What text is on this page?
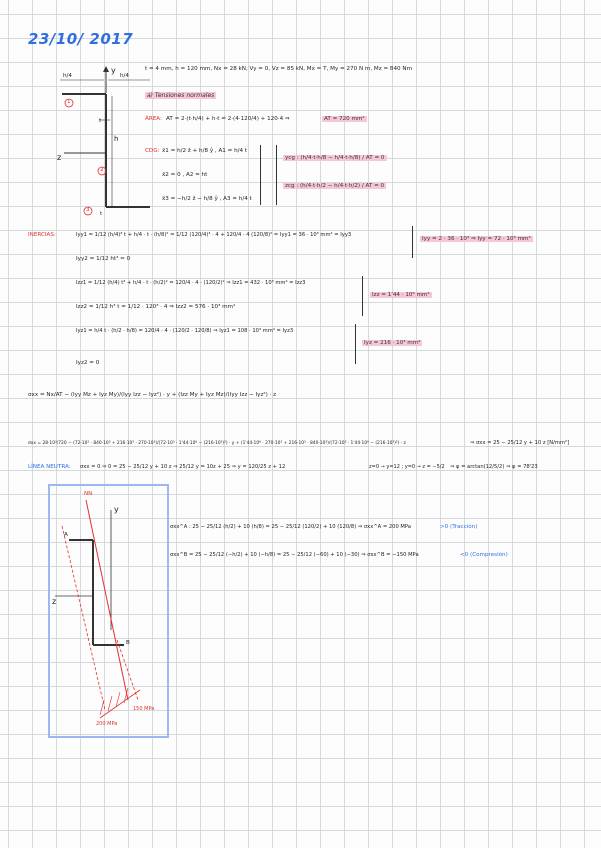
23/10/ 2017
h/4	h/4
y
z
h
t
t
1
2
3
t = 4 mm, h = 120 mm, Nx = 28 kN, Vy = 0, Vz = 85 kN, Mx = T, My = 270 N m, Mz = 840 Nm
a) Tensiones normales
ÁREA: AT = 2·(t·h/4) + h·t = 2·(4·120/4) + 120·4 ⇒	AT = 720 mm²
CDG: x̄1 = h/2 ẑ + h/8 ŷ , A1 = h/4 t
x̄2 = 0 , A2 = ht
x̄3 = −h/2 ẑ − h/8 ŷ , A3 = h/4 t
ycg : (h/4·t·h/8 − h/4·t·h/8) / AT = 0
zcg : (h/4·t·h/2 − h/4·t·h/2) / AT = 0
INERCIAS:	Iyy1 = 1/12 (h/4)³ t + h/4 · t · (h/8)² = 1/12 (120/4)³ · 4 + 120/4 · 4 (120/8)² = Iyy1 = 36 · 10³ mm⁴ = Iyy3
Iyy2 = 1/12 ht³ ≈ 0
Iyy = 2 · 36 · 10³ ⇒ Iyy = 72 · 10³ mm⁴
Izz1 = 1/12 (h/4) t³ + h/4 · t · (h/2)² = 120/4 · 4 · (120/2)² ⇒ Izz1 = 432 · 10³ mm⁴ = Izz3
Izz2 = 1/12 h³ t = 1/12 · 120³ · 4 ⇒ Izz2 = 576 · 10³ mm⁴
Izz = 1'44 · 10⁶ mm⁴
Iyz1 = h/4 t · (h/2 · h/8) = 120/4 · 4 · (120/2 · 120/8) ⇒ Iyz1 = 108 · 10³ mm⁴ = Iyz3
Iyz2 = 0
Iyz = 216 · 10³ mm⁴
σxx = Nx/AT − (Iyy Mz + Iyz My)/(Iyy Izz − Iyz²) · y + (Izz My + Iyz Mz)/(Iyy Izz − Iyz²) · z
σxx = 28·10³/720 − (72·10³ · 840·10³ + 216·10³ · 270·10³)/(72·10³ · 1'44·10⁶ − (216·10³)²) · y + (1'44·10⁶ · 270·10³ + 216·10³ · 840·10³)/(72·10³ · 1'44·10⁶ − (216·10³)²) · z	⇒ σxx = 25 − 25/12 y + 10 z [N/mm²]
LÍNEA NEUTRA: σxx = 0 ⇒ 0 = 25 − 25/12 y + 10 z ⇒ 25/12 y = 10z + 25 ⇒ y = 120/25 z + 12	z=0 → y=12 ; y=0 → z = −5/2 ⇒ φ = arctan(12/5/2) ⇒ φ = 78'23
NN
y
z
A
B
200 MPa
150 MPa
σxx^A : 25 − 25/12 (h/2) + 10 (h/8) = 25 − 25/12 (120/2) + 10 (120/8) ⇒ σxx^A = 200 MPa	>0 (Tracción)
σxx^B = 25 − 25/12 (−h/2) + 10 (−h/8) = 25 − 25/12 (−60) + 10 (−30) ⇒ σxx^B = −150 MPa	<0 (Compresión)
